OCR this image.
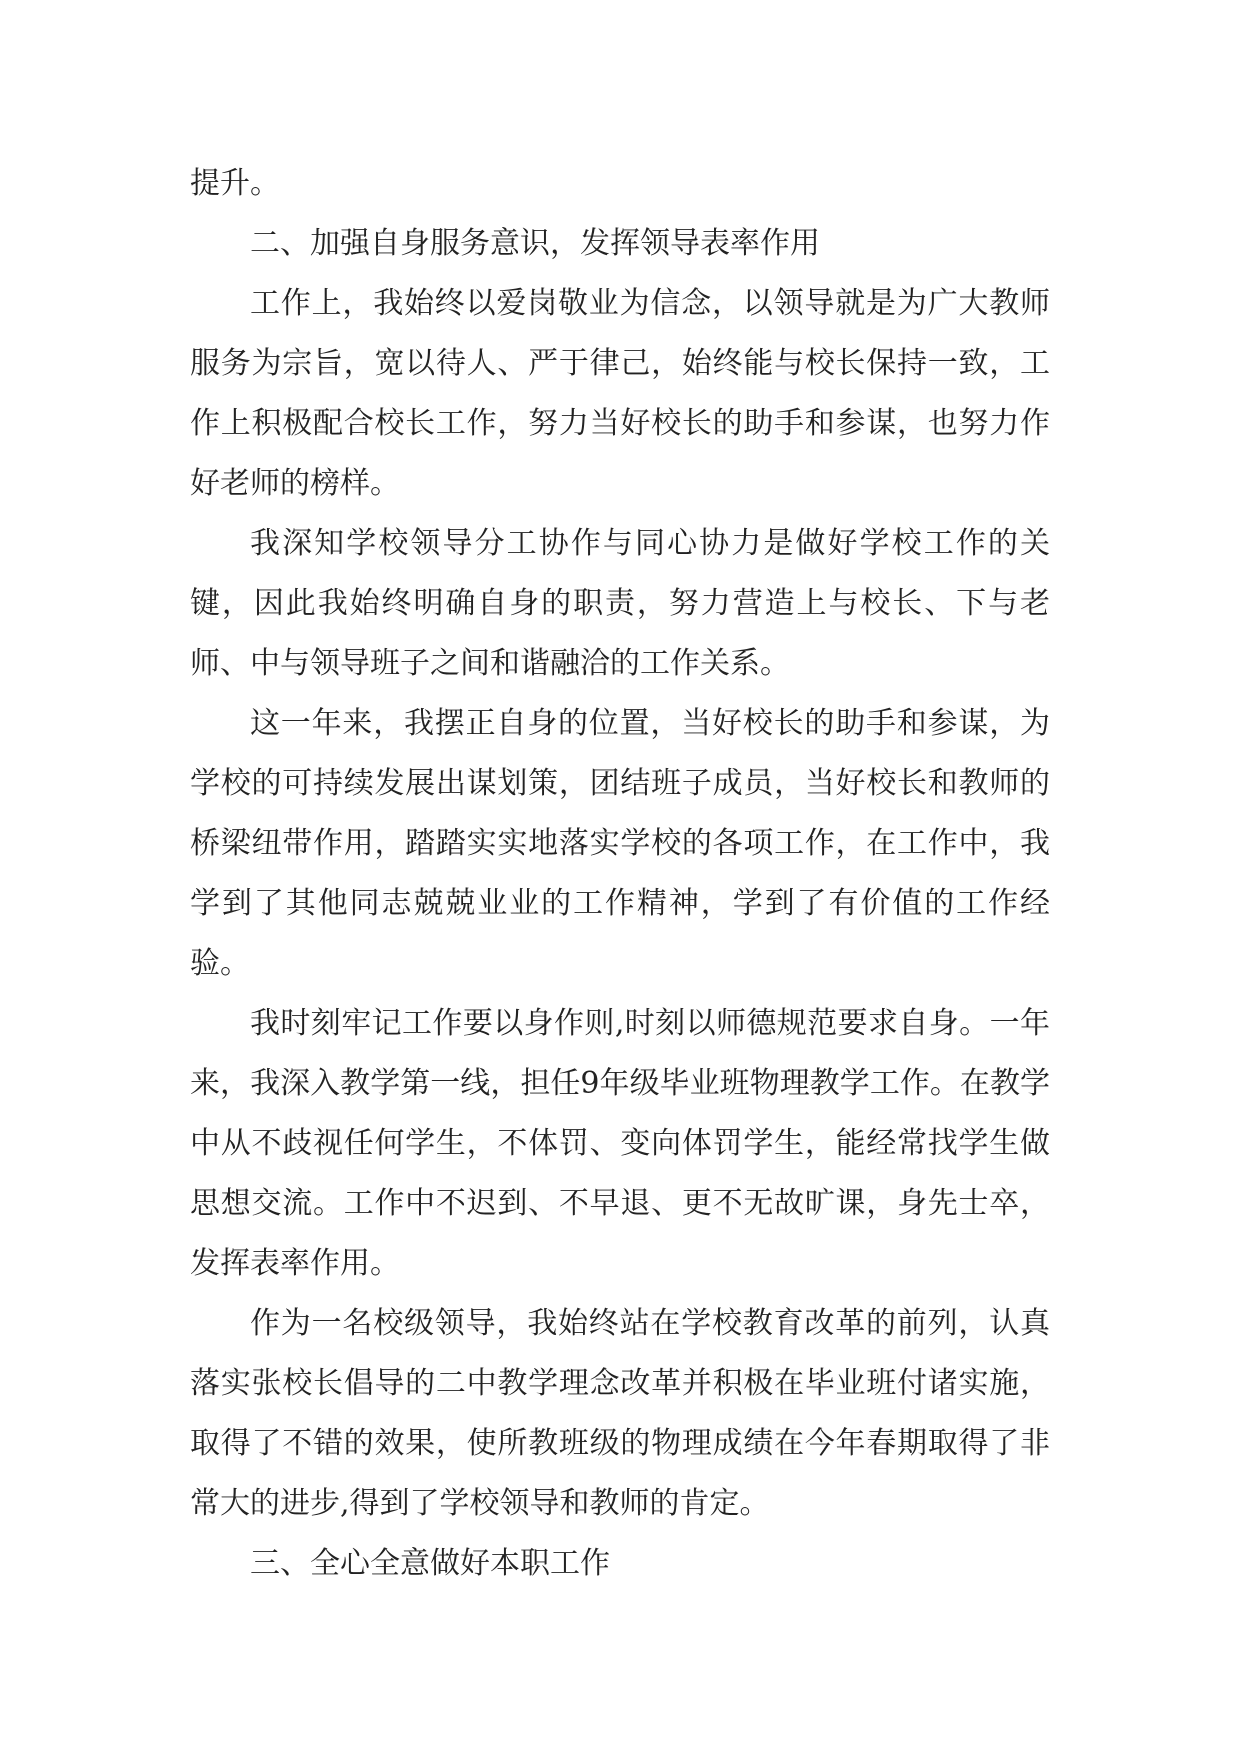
提升。

二、加强自身服务意识，发挥领导表率作用

工作上，我始终以爱岗敬业为信念，以领导就是为广大教师服务为宗旨，宽以待人、严于律己，始终能与校长保持一致，工作上积极配合校长工作，努力当好校长的助手和参谋，也努力作好老师的榜样。

我深知学校领导分工协作与同心协力是做好学校工作的关键，因此我始终明确自身的职责，努力营造上与校长、下与老师、中与领导班子之间和谐融洽的工作关系。

这一年来，我摆正自身的位置，当好校长的助手和参谋，为学校的可持续发展出谋划策，团结班子成员，当好校长和教师的桥梁纽带作用，踏踏实实地落实学校的各项工作，在工作中，我学到了其他同志兢兢业业的工作精神，学到了有价值的工作经验。

我时刻牢记工作要以身作则,时刻以师德规范要求自身。一年来，我深入教学第一线，担任9年级毕业班物理教学工作。在教学中从不歧视任何学生，不体罚、变向体罚学生，能经常找学生做思想交流。工作中不迟到、不早退、更不无故旷课，身先士卒，发挥表率作用。

作为一名校级领导，我始终站在学校教育改革的前列，认真落实张校长倡导的二中教学理念改革并积极在毕业班付诸实施，取得了不错的效果，使所教班级的物理成绩在今年春期取得了非常大的进步,得到了学校领导和教师的肯定。

三、全心全意做好本职工作
